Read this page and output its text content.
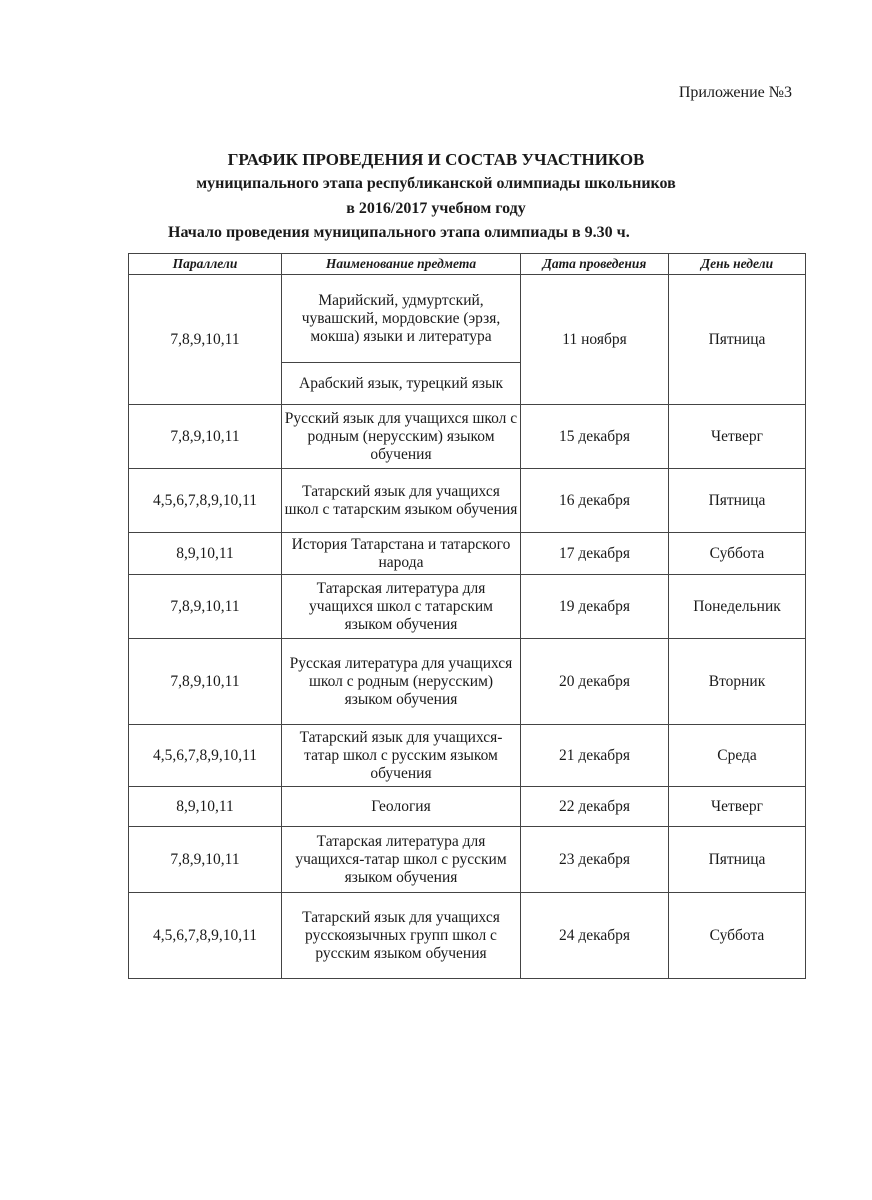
Приложение №3
ГРАФИК ПРОВЕДЕНИЯ И СОСТАВ УЧАСТНИКОВ
муниципального этапа республиканской олимпиады школьников
в 2016/2017 учебном году
Начало проведения муниципального этапа олимпиады в 9.30 ч.
Параллели	Наименование предмета	Дата проведения	День недели
7,8,9,10,11	Марийский, удмуртский, чувашский, мордовские (эрзя, мокша) языки и литература	11 ноября	Пятница
	Арабский язык, турецкий язык		
7,8,9,10,11	Русский язык для учащихся школ с родным (нерусским) языком обучения	15 декабря	Четверг
4,5,6,7,8,9,10,11	Татарский язык для учащихся школ с татарским языком обучения	16 декабря	Пятница
8,9,10,11	История Татарстана и татарского народа	17 декабря	Суббота
7,8,9,10,11	Татарская литература для учащихся школ с татарским языком обучения	19 декабря	Понедельник
7,8,9,10,11	Русская литература для учащихся школ с родным (нерусским) языком обучения	20 декабря	Вторник
4,5,6,7,8,9,10,11	Татарский язык для учащихся-татар школ с русским языком обучения	21 декабря	Среда
8,9,10,11	Геология	22 декабря	Четверг
7,8,9,10,11	Татарская литература для учащихся-татар школ с русским языком обучения	23 декабря	Пятница
4,5,6,7,8,9,10,11	Татарский язык для учащихся русскоязычных групп школ с русским языком обучения	24 декабря	Суббота
